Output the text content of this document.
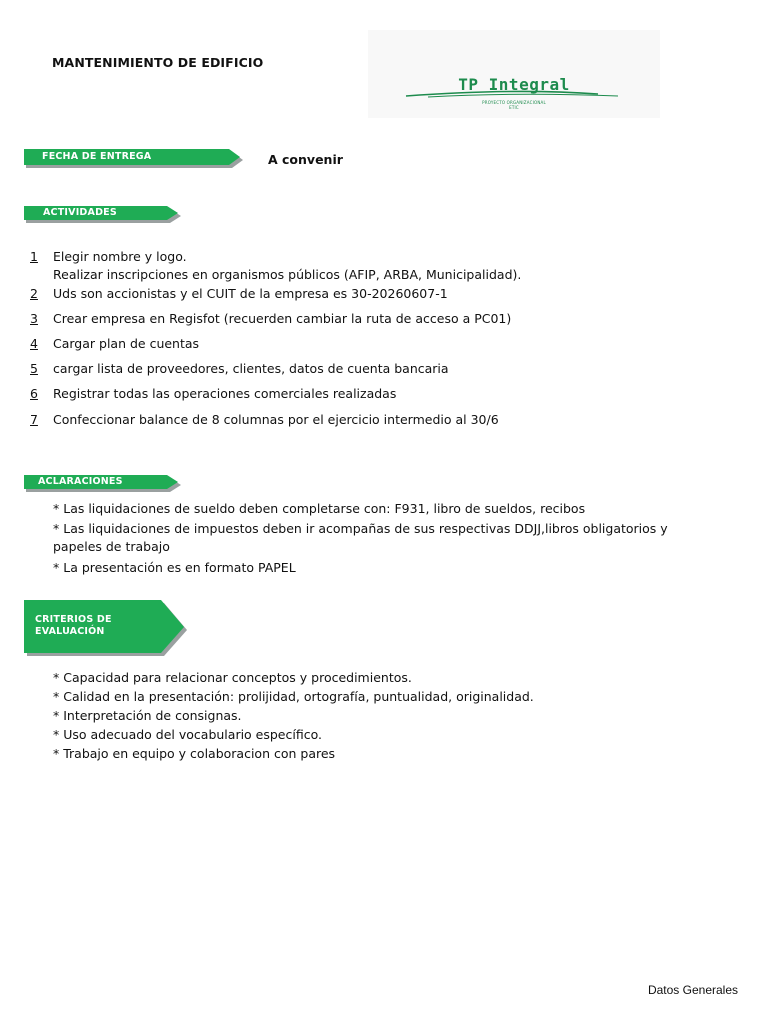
MANTENIMIENTO DE EDIFICIO
TP Integral
PROYECTO ORGANIZACIONAL
ETIC
FECHA DE ENTREGA	A convenir
ACTIVIDADES
1	Elegir nombre y logo.
Realizar inscripciones en organismos públicos (AFIP, ARBA, Municipalidad).
2	Uds son accionistas y el CUIT de la empresa es 30-20260607-1
3	Crear empresa en Regisfot (recuerden cambiar la ruta de acceso a PC01)
4	Cargar plan de cuentas
5	cargar lista de proveedores, clientes, datos de cuenta bancaria
6	Registrar todas las operaciones comerciales realizadas
7	Confeccionar balance de 8 columnas por el ejercicio intermedio al 30/6
ACLARACIONES

* Las liquidaciones de sueldo deben completarse con: F931, libro de sueldos, recibos

* Las liquidaciones de impuestos deben ir acompañas de sus respectivas DDJJ,libros obligatorios y papeles de trabajo

* La presentación es en formato PAPEL

CRITERIOS DE
EVALUACIÓN

* Capacidad para relacionar conceptos y procedimientos.

* Calidad en la presentación: prolijidad, ortografía, puntualidad, originalidad.

* Interpretación de consignas.

* Uso adecuado del vocabulario específico.

* Trabajo en equipo y colaboracion con pares

Datos Generales
